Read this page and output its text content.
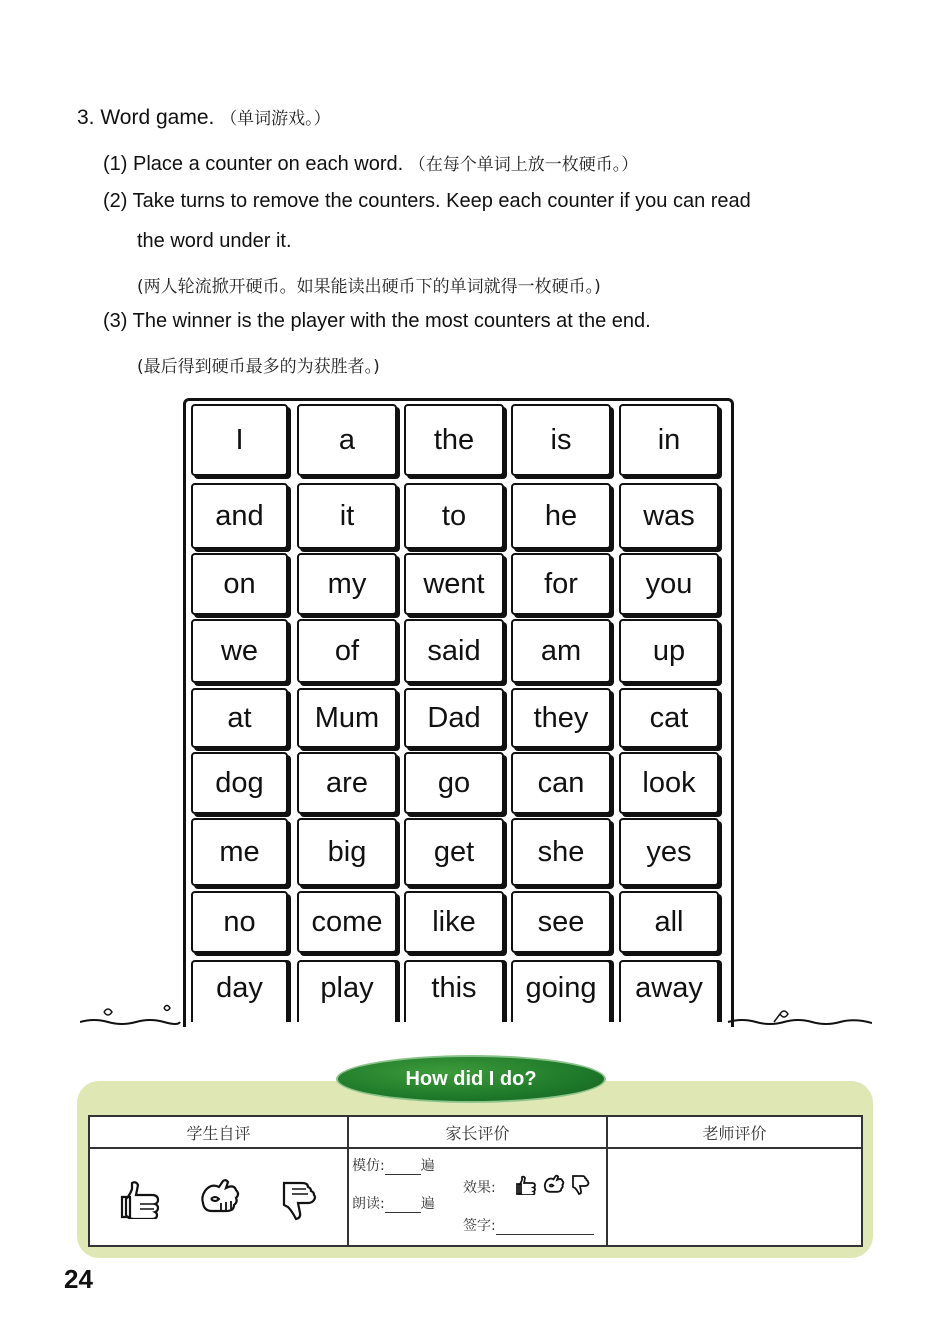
3. Word game. （单词游戏。）
(1) Place a counter on each word. （在每个单词上放一枚硬币。）
(2) Take turns to remove the counters. Keep each counter if you can read
the word under it.
(两人轮流掀开硬币。如果能读出硬币下的单词就得一枚硬币。)
(3) The winner is the player with the most counters at the end.
(最后得到硬币最多的为获胜者。)
I	a	the	is	in
and	it	to	he	was
on	my	went	for	you
we	of	said	am	up
at	Mum	Dad	they	cat
dog	are	go	can	look
me	big	get	she	yes
no	come	like	see	all
day	play	this	going	away
学生自评	家长评价	老师评价

模仿: 遍
朗读: 遍
效果:
签字:	

How did I do?
24
